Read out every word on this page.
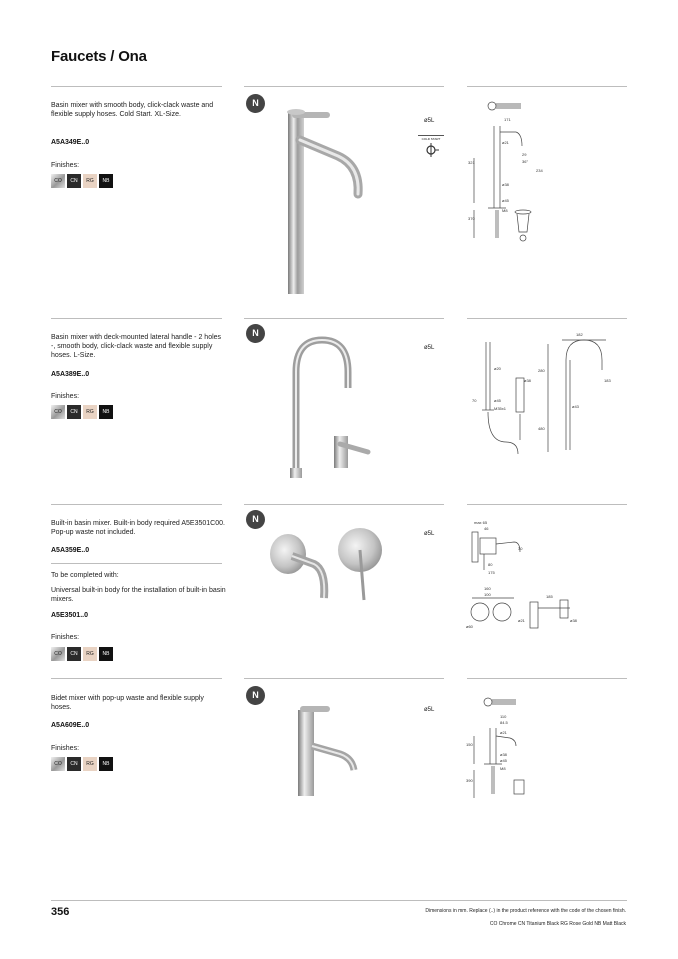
Faucets / Ona
Basin mixer with smooth body, click-clack waste and flexible supply hoses. Cold Start. XL-Size.
A5A349E..0
Finishes:
CO	CN	RG	NB
N
ø5L
COLD START
171
ø21
29
36°
321
234
ø38
ø45
M8
370
Basin mixer with deck-mounted lateral handle - 2 holes -, smooth body, click-clack waste and flexible supply hoses. L-Size.
A5A389E..0
Finishes:
CO	CN	RG	NB
N
ø5L
182
ø20
ø38
ø45
M35x1
70
280
183
ø43
480
Built-in basin mixer. Built-in body required A5E3501C00. Pop-up waste not included.
A5A359E..0
To be completed with:
Universal built-in body for the installation of built-in basin mixers.
A5E3501..0
Finishes:
CO	CN	RG	NB
N
ø5L
max 65
46
30
80
175
160
100
ø60
185
ø21	ø38
Bidet mixer with pop-up waste and flexible supply hoses.
A5A609E..0
Finishes:
CO	CN	RG	NB
N
ø5L
110
84.5
ø21
ø38
ø45
M8
150
390
356	Dimensions in mm. Replace (..) in the product reference with the code of the chosen finish.
CO Chrome CN Titanium Black RG Rose Gold NB Matt Black
